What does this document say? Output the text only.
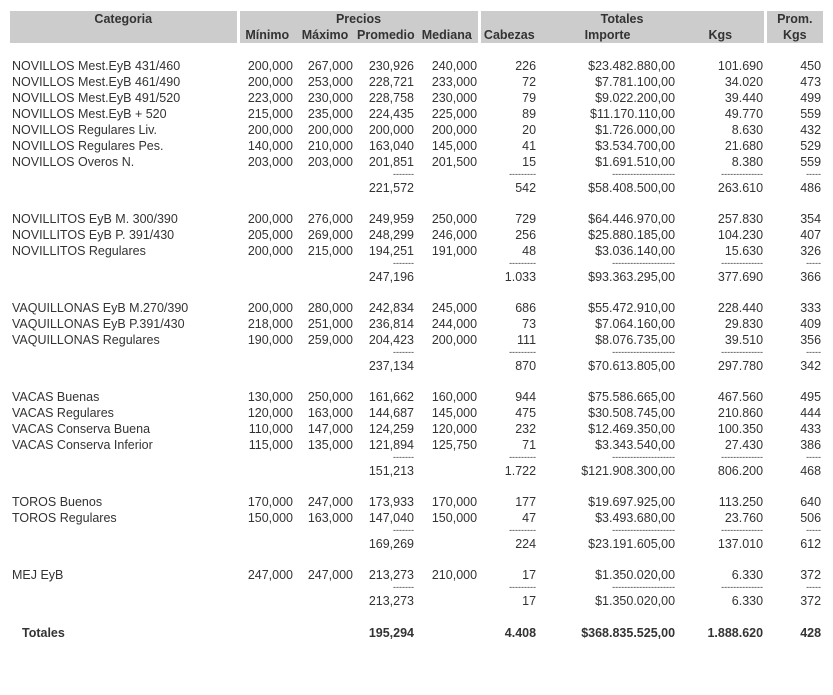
Categoria	Precios				Totales			Prom.
	Mínimo	Máximo	Promedio	Mediana	Cabezas	Importe	Kgs	Kgs

NOVILLOS Mest.EyB 431/460	200,000	267,000	230,926	240,000	226	$23.482.880,00	101.690	450
NOVILLOS Mest.EyB 461/490	200,000	253,000	228,721	233,000	72	$7.781.100,00	34.020	473
NOVILLOS Mest.EyB 491/520	223,000	230,000	228,758	230,000	79	$9.022.200,00	39.440	499
NOVILLOS Mest.EyB + 520	215,000	235,000	224,435	225,000	89	$11.170.110,00	49.770	559
NOVILLOS Regulares Liv.	200,000	200,000	200,000	200,000	20	$1.726.000,00	8.630	432
NOVILLOS Regulares Pes.	140,000	210,000	163,040	145,000	41	$3.534.700,00	21.680	529
NOVILLOS Overos N.	203,000	203,000	201,851	201,500	15	$1.691.510,00	8.380	559
			-------		---------	---------------------	--------------	-----
			221,572		542	$58.408.500,00	263.610	486

NOVILLITOS EyB M. 300/390	200,000	276,000	249,959	250,000	729	$64.446.970,00	257.830	354
NOVILLITOS EyB P. 391/430	205,000	269,000	248,299	246,000	256	$25.880.185,00	104.230	407
NOVILLITOS Regulares	200,000	215,000	194,251	191,000	48	$3.036.140,00	15.630	326
			-------		---------	---------------------	--------------	-----
			247,196		1.033	$93.363.295,00	377.690	366

VAQUILLONAS EyB M.270/390	200,000	280,000	242,834	245,000	686	$55.472.910,00	228.440	333
VAQUILLONAS EyB P.391/430	218,000	251,000	236,814	244,000	73	$7.064.160,00	29.830	409
VAQUILLONAS Regulares	190,000	259,000	204,423	200,000	111	$8.076.735,00	39.510	356
			-------		---------	---------------------	--------------	-----
			237,134		870	$70.613.805,00	297.780	342

VACAS Buenas	130,000	250,000	161,662	160,000	944	$75.586.665,00	467.560	495
VACAS Regulares	120,000	163,000	144,687	145,000	475	$30.508.745,00	210.860	444
VACAS Conserva Buena	110,000	147,000	124,259	120,000	232	$12.469.350,00	100.350	433
VACAS Conserva Inferior	115,000	135,000	121,894	125,750	71	$3.343.540,00	27.430	386
			-------		---------	---------------------	--------------	-----
			151,213		1.722	$121.908.300,00	806.200	468

TOROS Buenos	170,000	247,000	173,933	170,000	177	$19.697.925,00	113.250	640
TOROS Regulares	150,000	163,000	147,040	150,000	47	$3.493.680,00	23.760	506
			-------		---------	---------------------	--------------	-----
			169,269		224	$23.191.605,00	137.010	612

MEJ EyB	247,000	247,000	213,273	210,000	17	$1.350.020,00	6.330	372
			-------		---------	---------------------	--------------	-----
			213,273		17	$1.350.020,00	6.330	372

Totales			195,294		4.408	$368.835.525,00	1.888.620	428
